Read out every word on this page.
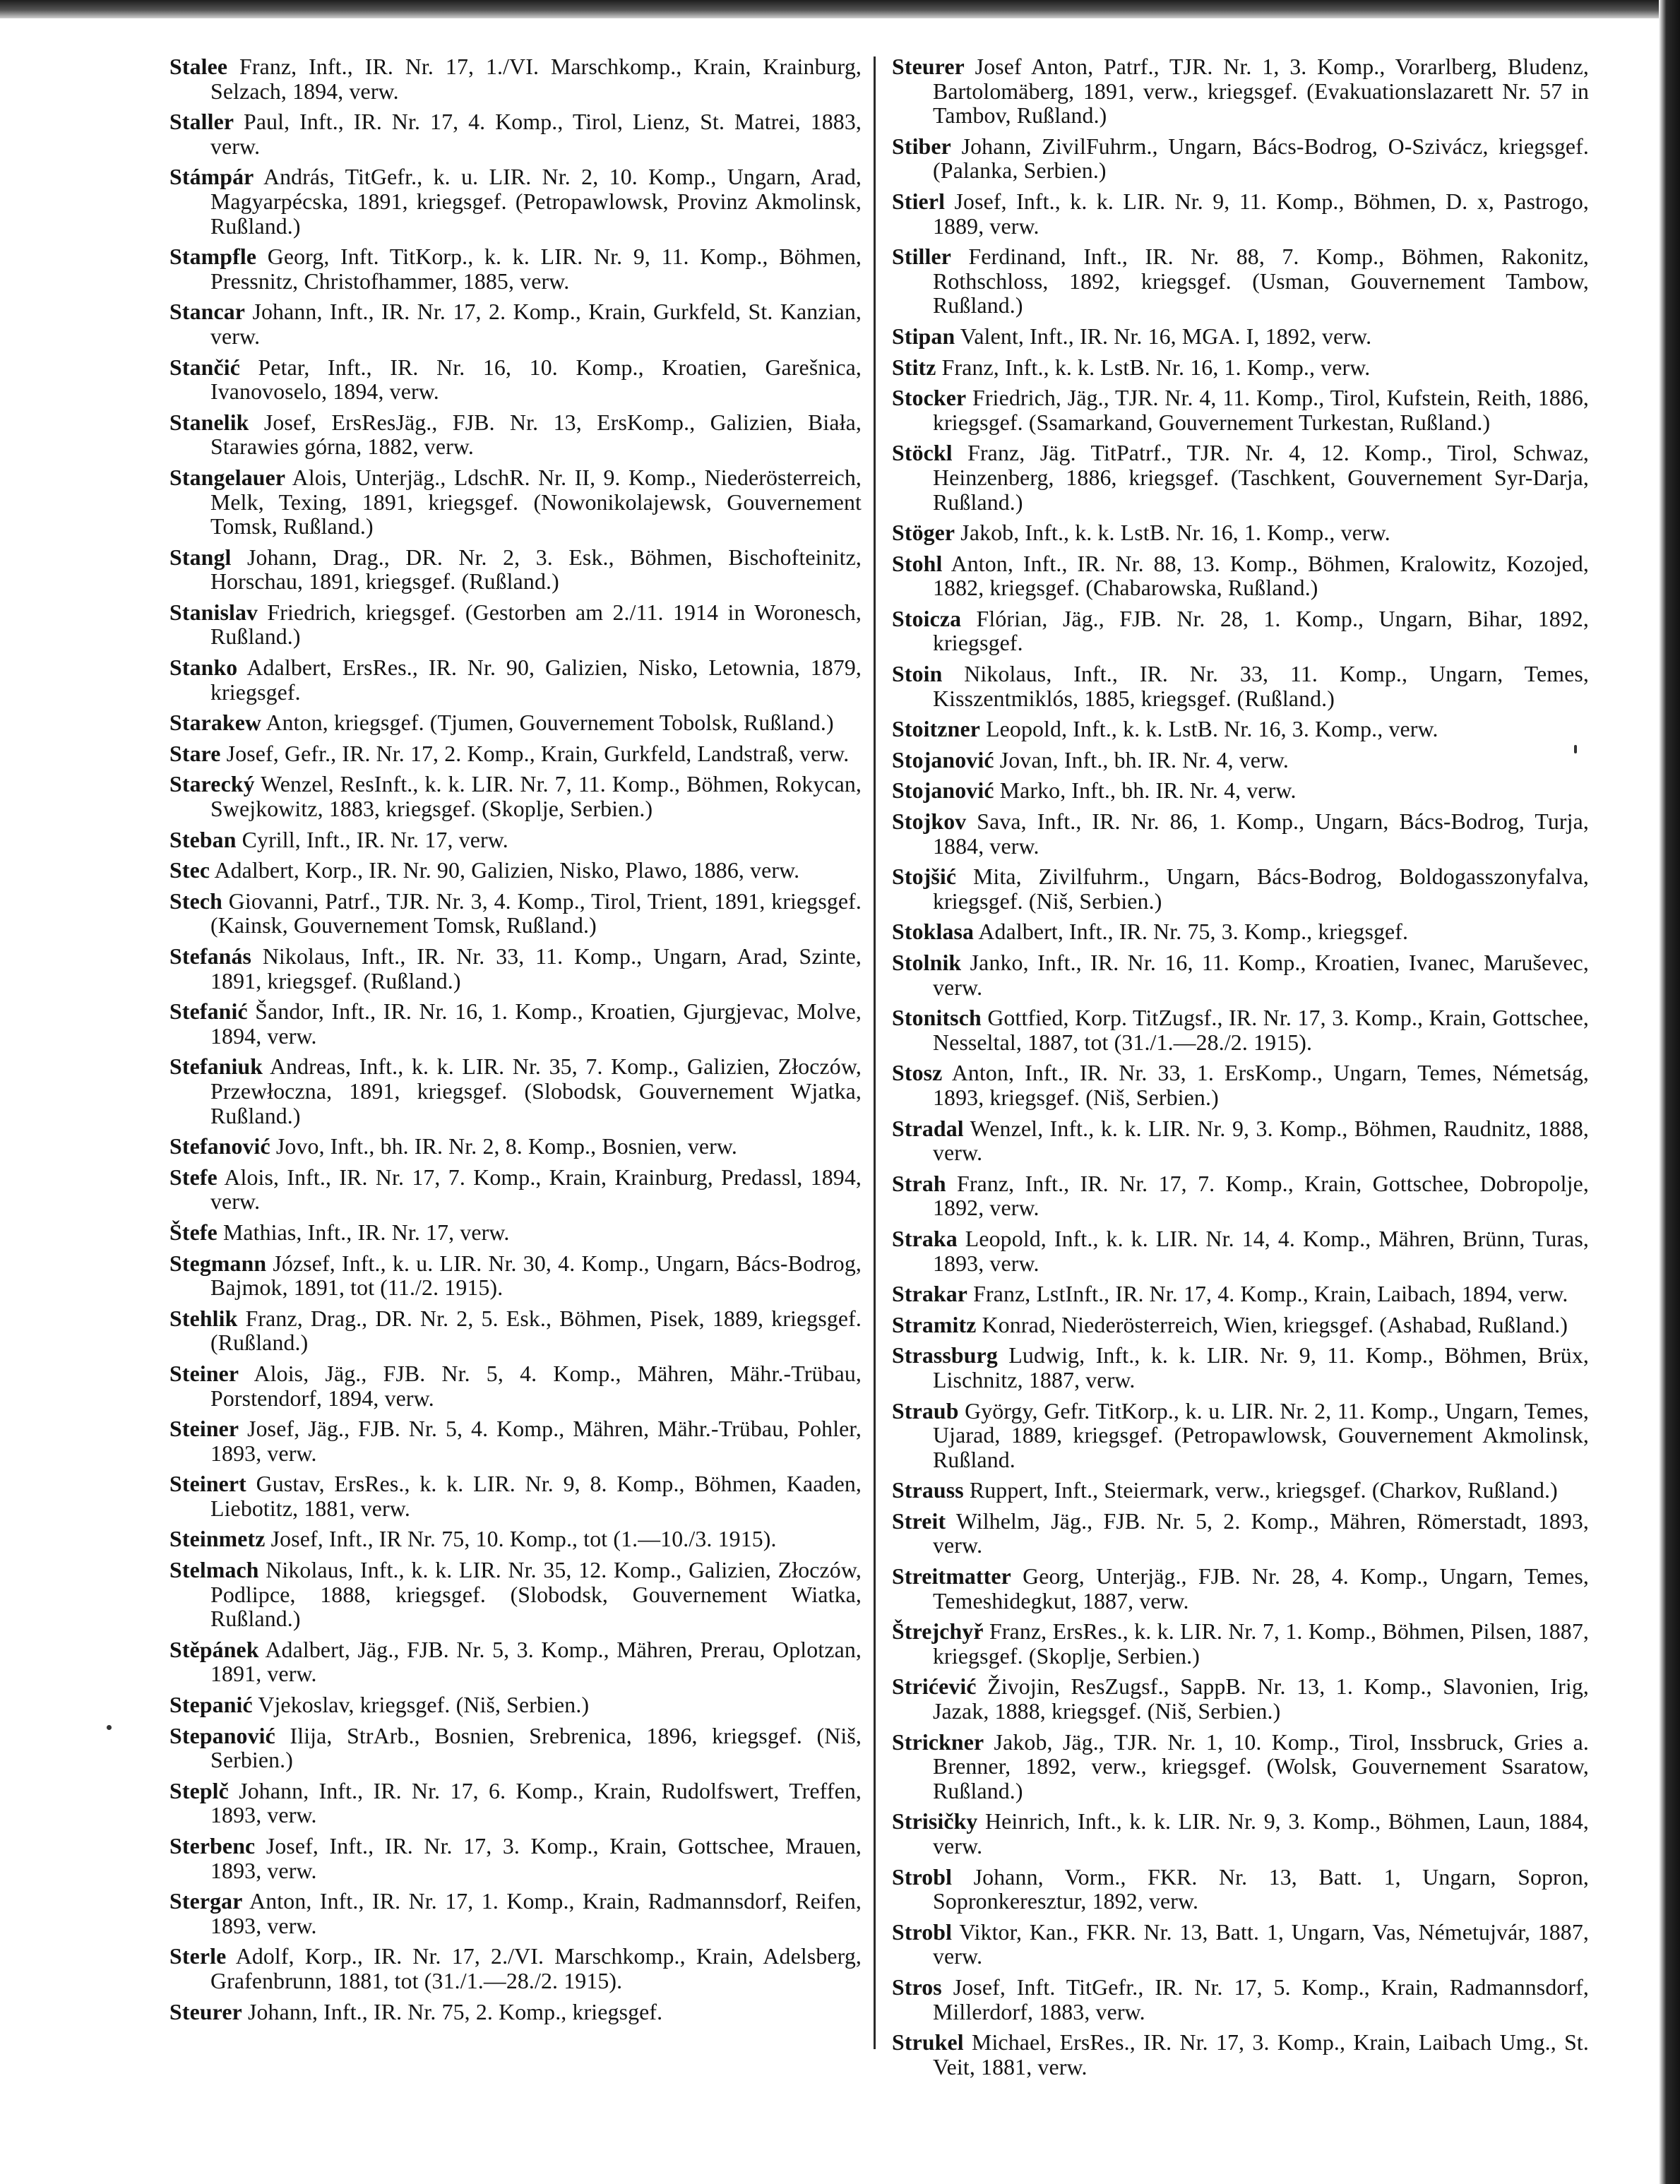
Stalee Franz, Inft., IR. Nr. 17, 1./VI. Marschkomp., Krain, Krainburg, Selzach, 1894, verw.

Staller Paul, Inft., IR. Nr. 17, 4. Komp., Tirol, Lienz, St. Matrei, 1883, verw.

Stámpár András, TitGefr., k. u. LIR. Nr. 2, 10. Komp., Ungarn, Arad, Magyarpécska, 1891, kriegsgef. (Petropawlowsk, Provinz Akmolinsk, Rußland.)

Stampfle Georg, Inft. TitKorp., k. k. LIR. Nr. 9, 11. Komp., Böhmen, Pressnitz, Christofhammer, 1885, verw.

Stancar Johann, Inft., IR. Nr. 17, 2. Komp., Krain, Gurkfeld, St. Kanzian, verw.

Stančić Petar, Inft., IR. Nr. 16, 10. Komp., Kroatien, Garešnica, Ivanovoselo, 1894, verw.

Stanelik Josef, ErsResJäg., FJB. Nr. 13, ErsKomp., Galizien, Biała, Starawies górna, 1882, verw.

Stangelauer Alois, Unterjäg., LdschR. Nr. II, 9. Komp., Niederösterreich, Melk, Texing, 1891, kriegsgef. (Nowonikolajewsk, Gouvernement Tomsk, Rußland.)

Stangl Johann, Drag., DR. Nr. 2, 3. Esk., Böhmen, Bischofteinitz, Horschau, 1891, kriegsgef. (Rußland.)

Stanislav Friedrich, kriegsgef. (Gestorben am 2./11. 1914 in Woronesch, Rußland.)

Stanko Adalbert, ErsRes., IR. Nr. 90, Galizien, Nisko, Letownia, 1879, kriegsgef.

Starakew Anton, kriegsgef. (Tjumen, Gouvernement Tobolsk, Rußland.)

Stare Josef, Gefr., IR. Nr. 17, 2. Komp., Krain, Gurkfeld, Landstraß, verw.

Starecký Wenzel, ResInft., k. k. LIR. Nr. 7, 11. Komp., Böhmen, Rokycan, Swejkowitz, 1883, kriegsgef. (Skoplje, Serbien.)

Steban Cyrill, Inft., IR. Nr. 17, verw.

Stec Adalbert, Korp., IR. Nr. 90, Galizien, Nisko, Plawo, 1886, verw.

Stech Giovanni, Patrf., TJR. Nr. 3, 4. Komp., Tirol, Trient, 1891, kriegsgef. (Kainsk, Gouvernement Tomsk, Rußland.)

Stefanás Nikolaus, Inft., IR. Nr. 33, 11. Komp., Ungarn, Arad, Szinte, 1891, kriegsgef. (Rußland.)

Stefanić Šandor, Inft., IR. Nr. 16, 1. Komp., Kroatien, Gjurgjevac, Molve, 1894, verw.

Stefaniuk Andreas, Inft., k. k. LIR. Nr. 35, 7. Komp., Galizien, Złoczów, Przewłoczna, 1891, kriegsgef. (Slobodsk, Gouvernement Wjatka, Rußland.)

Stefanović Jovo, Inft., bh. IR. Nr. 2, 8. Komp., Bosnien, verw.

Stefe Alois, Inft., IR. Nr. 17, 7. Komp., Krain, Krainburg, Predassl, 1894, verw.

Štefe Mathias, Inft., IR. Nr. 17, verw.

Stegmann József, Inft., k. u. LIR. Nr. 30, 4. Komp., Ungarn, Bács-Bodrog, Bajmok, 1891, tot (11./2. 1915).

Stehlik Franz, Drag., DR. Nr. 2, 5. Esk., Böhmen, Pisek, 1889, kriegsgef. (Rußland.)

Steiner Alois, Jäg., FJB. Nr. 5, 4. Komp., Mähren, Mähr.-Trübau, Porstendorf, 1894, verw.

Steiner Josef, Jäg., FJB. Nr. 5, 4. Komp., Mähren, Mähr.-Trübau, Pohler, 1893, verw.

Steinert Gustav, ErsRes., k. k. LIR. Nr. 9, 8. Komp., Böhmen, Kaaden, Liebotitz, 1881, verw.

Steinmetz Josef, Inft., IR Nr. 75, 10. Komp., tot (1.—10./3. 1915).

Stelmach Nikolaus, Inft., k. k. LIR. Nr. 35, 12. Komp., Galizien, Złoczów, Podlipce, 1888, kriegsgef. (Slobodsk, Gouvernement Wiatka, Rußland.)

Stěpánek Adalbert, Jäg., FJB. Nr. 5, 3. Komp., Mähren, Prerau, Oplotzan, 1891, verw.

Stepanić Vjekoslav, kriegsgef. (Niš, Serbien.)

Stepanović Ilija, StrArb., Bosnien, Srebrenica, 1896, kriegsgef. (Niš, Serbien.)

Steplč Johann, Inft., IR. Nr. 17, 6. Komp., Krain, Rudolfswert, Treffen, 1893, verw.

Sterbenc Josef, Inft., IR. Nr. 17, 3. Komp., Krain, Gottschee, Mrauen, 1893, verw.

Stergar Anton, Inft., IR. Nr. 17, 1. Komp., Krain, Radmannsdorf, Reifen, 1893, verw.

Sterle Adolf, Korp., IR. Nr. 17, 2./VI. Marschkomp., Krain, Adelsberg, Grafenbrunn, 1881, tot (31./1.—28./2. 1915).

Steurer Johann, Inft., IR. Nr. 75, 2. Komp., kriegsgef.

Steurer Josef Anton, Patrf., TJR. Nr. 1, 3. Komp., Vorarlberg, Bludenz, Bartolomäberg, 1891, verw., kriegsgef. (Evakuationslazarett Nr. 57 in Tambov, Rußland.)

Stiber Johann, ZivilFuhrm., Ungarn, Bács-Bodrog, O-Szivácz, kriegsgef. (Palanka, Serbien.)

Stierl Josef, Inft., k. k. LIR. Nr. 9, 11. Komp., Böhmen, D. x, Pastrogo, 1889, verw.

Stiller Ferdinand, Inft., IR. Nr. 88, 7. Komp., Böhmen, Rakonitz, Rothschloss, 1892, kriegsgef. (Usman, Gouvernement Tambow, Rußland.)

Stipan Valent, Inft., IR. Nr. 16, MGA. I, 1892, verw.

Stitz Franz, Inft., k. k. LstB. Nr. 16, 1. Komp., verw.

Stocker Friedrich, Jäg., TJR. Nr. 4, 11. Komp., Tirol, Kufstein, Reith, 1886, kriegsgef. (Ssamarkand, Gouvernement Turkestan, Rußland.)

Stöckl Franz, Jäg. TitPatrf., TJR. Nr. 4, 12. Komp., Tirol, Schwaz, Heinzenberg, 1886, kriegsgef. (Taschkent, Gouvernement Syr-Darja, Rußland.)

Stöger Jakob, Inft., k. k. LstB. Nr. 16, 1. Komp., verw.

Stohl Anton, Inft., IR. Nr. 88, 13. Komp., Böhmen, Kralowitz, Kozojed, 1882, kriegsgef. (Chabarowska, Rußland.)

Stoicza Flórian, Jäg., FJB. Nr. 28, 1. Komp., Ungarn, Bihar, 1892, kriegsgef.

Stoin Nikolaus, Inft., IR. Nr. 33, 11. Komp., Ungarn, Temes, Kisszentmiklós, 1885, kriegsgef. (Rußland.)

Stoitzner Leopold, Inft., k. k. LstB. Nr. 16, 3. Komp., verw.

Stojanović Jovan, Inft., bh. IR. Nr. 4, verw.

Stojanović Marko, Inft., bh. IR. Nr. 4, verw.

Stojkov Sava, Inft., IR. Nr. 86, 1. Komp., Ungarn, Bács-Bodrog, Turja, 1884, verw.

Stojšić Mita, Zivilfuhrm., Ungarn, Bács-Bodrog, Boldogasszonyfalva, kriegsgef. (Niš, Serbien.)

Stoklasa Adalbert, Inft., IR. Nr. 75, 3. Komp., kriegsgef.

Stolnik Janko, Inft., IR. Nr. 16, 11. Komp., Kroatien, Ivanec, Maruševec, verw.

Stonitsch Gottfied, Korp. TitZugsf., IR. Nr. 17, 3. Komp., Krain, Gottschee, Nesseltal, 1887, tot (31./1.—28./2. 1915).

Stosz Anton, Inft., IR. Nr. 33, 1. ErsKomp., Ungarn, Temes, Németság, 1893, kriegsgef. (Niš, Serbien.)

Stradal Wenzel, Inft., k. k. LIR. Nr. 9, 3. Komp., Böhmen, Raudnitz, 1888, verw.

Strah Franz, Inft., IR. Nr. 17, 7. Komp., Krain, Gottschee, Dobropolje, 1892, verw.

Straka Leopold, Inft., k. k. LIR. Nr. 14, 4. Komp., Mähren, Brünn, Turas, 1893, verw.

Strakar Franz, LstInft., IR. Nr. 17, 4. Komp., Krain, Laibach, 1894, verw.

Stramitz Konrad, Niederösterreich, Wien, kriegsgef. (Ashabad, Rußland.)

Strassburg Ludwig, Inft., k. k. LIR. Nr. 9, 11. Komp., Böhmen, Brüx, Lischnitz, 1887, verw.

Straub György, Gefr. TitKorp., k. u. LIR. Nr. 2, 11. Komp., Ungarn, Temes, Ujarad, 1889, kriegsgef. (Petropawlowsk, Gouvernement Akmolinsk, Rußland.

Strauss Ruppert, Inft., Steiermark, verw., kriegsgef. (Charkov, Rußland.)

Streit Wilhelm, Jäg., FJB. Nr. 5, 2. Komp., Mähren, Römerstadt, 1893, verw.

Streitmatter Georg, Unterjäg., FJB. Nr. 28, 4. Komp., Ungarn, Temes, Temeshidegkut, 1887, verw.

Štrejchyř Franz, ErsRes., k. k. LIR. Nr. 7, 1. Komp., Böhmen, Pilsen, 1887, kriegsgef. (Skoplje, Serbien.)

Strićević Živojin, ResZugsf., SappB. Nr. 13, 1. Komp., Slavonien, Irig, Jazak, 1888, kriegsgef. (Niš, Serbien.)

Strickner Jakob, Jäg., TJR. Nr. 1, 10. Komp., Tirol, Inssbruck, Gries a. Brenner, 1892, verw., kriegsgef. (Wolsk, Gouvernement Ssaratow, Rußland.)

Strisičky Heinrich, Inft., k. k. LIR. Nr. 9, 3. Komp., Böhmen, Laun, 1884, verw.

Strobl Johann, Vorm., FKR. Nr. 13, Batt. 1, Ungarn, Sopron, Sopronkeresztur, 1892, verw.

Strobl Viktor, Kan., FKR. Nr. 13, Batt. 1, Ungarn, Vas, Németujvár, 1887, verw.

Stros Josef, Inft. TitGefr., IR. Nr. 17, 5. Komp., Krain, Radmannsdorf, Millerdorf, 1883, verw.

Strukel Michael, ErsRes., IR. Nr. 17, 3. Komp., Krain, Laibach Umg., St. Veit, 1881, verw.
